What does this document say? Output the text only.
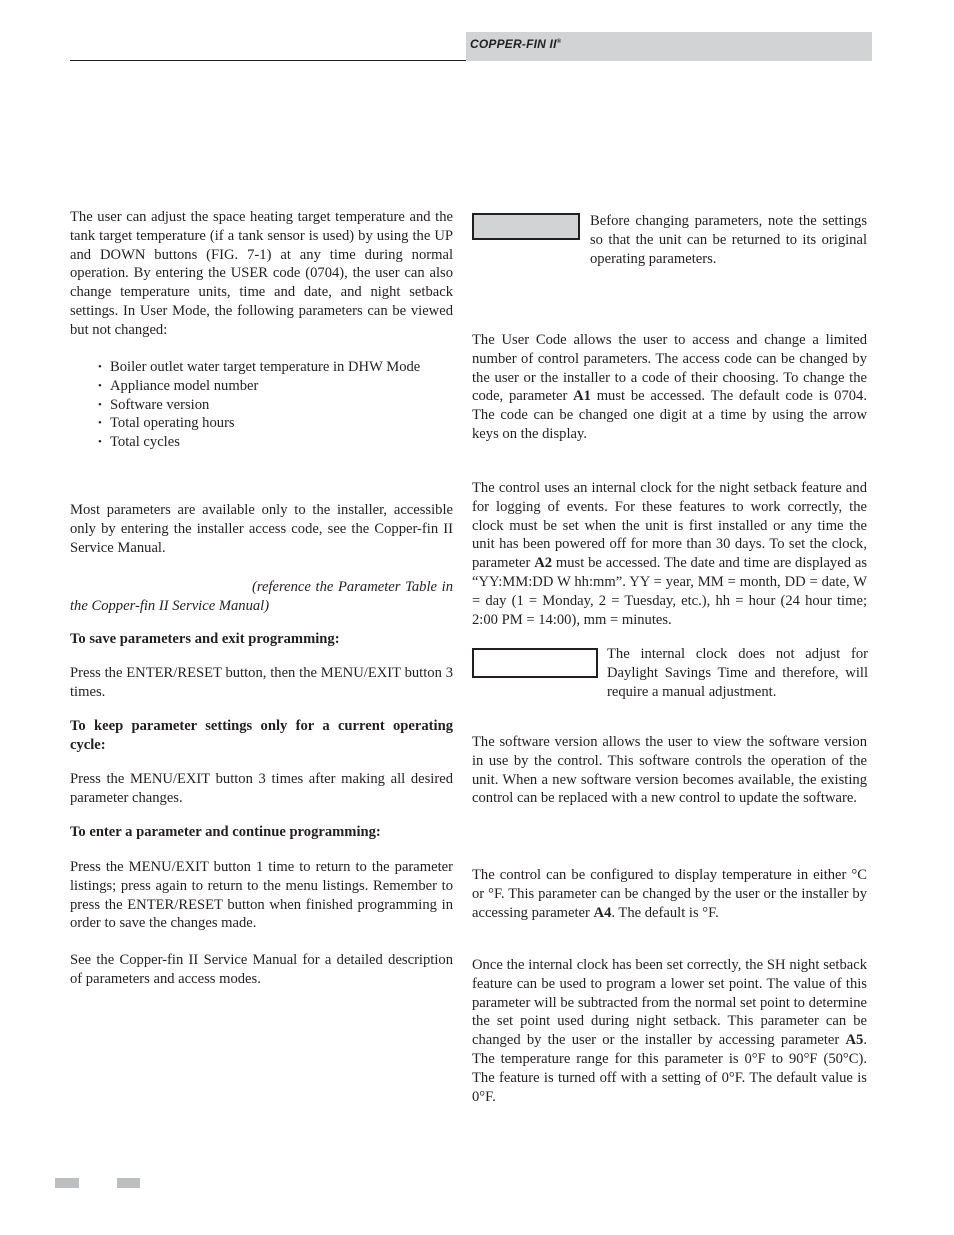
COPPER-FIN II®

The user can adjust the space heating target temperature and the tank target temperature (if a tank sensor is used) by using the UP and DOWN buttons (FIG. 7-1) at any time during normal operation. By entering the USER code (0704), the user can also change temperature units, time and date, and night setback settings. In User Mode, the following parameters can be viewed but not changed:

• Boiler outlet water target temperature in DHW Mode
• Appliance model number
• Software version
• Total operating hours
• Total cycles

Most parameters are available only to the installer, accessible only by entering the installer access code, see the Copper-fin II Service Manual.

(reference the Parameter Table in the Copper-fin II Service Manual)

To save parameters and exit programming:

Press the ENTER/RESET button, then the MENU/EXIT button 3 times.

To keep parameter settings only for a current operating cycle:

Press the MENU/EXIT button 3 times after making all desired parameter changes.

To enter a parameter and continue programming:

Press the MENU/EXIT button 1 time to return to the parameter listings; press again to return to the menu listings. Remember to press the ENTER/RESET button when finished programming in order to save the changes made.

See the Copper-fin II Service Manual for a detailed description of parameters and access modes.

Before changing parameters, note the settings so that the unit can be returned to its original operating parameters.

The User Code allows the user to access and change a limited number of control parameters. The access code can be changed by the user or the installer to a code of their choosing. To change the code, parameter A1 must be accessed. The default code is 0704. The code can be changed one digit at a time by using the arrow keys on the display.

The control uses an internal clock for the night setback feature and for logging of events. For these features to work correctly, the clock must be set when the unit is first installed or any time the unit has been powered off for more than 30 days. To set the clock, parameter A2 must be accessed. The date and time are displayed as “YY:MM:DD W hh:mm”. YY = year, MM = month, DD = date, W = day (1 = Monday, 2 = Tuesday, etc.), hh = hour (24 hour time; 2:00 PM = 14:00), mm = minutes.

The internal clock does not adjust for Daylight Savings Time and therefore, will require a manual adjustment.

The software version allows the user to view the software version in use by the control. This software controls the operation of the unit. When a new software version becomes available, the existing control can be replaced with a new control to update the software.

The control can be configured to display temperature in either °C or °F. This parameter can be changed by the user or the installer by accessing parameter A4. The default is °F.

Once the internal clock has been set correctly, the SH night setback feature can be used to program a lower set point. The value of this parameter will be subtracted from the normal set point to determine the set point used during night setback. This parameter can be changed by the user or the installer by accessing parameter A5. The temperature range for this parameter is 0°F to 90°F (50°C). The feature is turned off with a setting of 0°F. The default value is 0°F.
